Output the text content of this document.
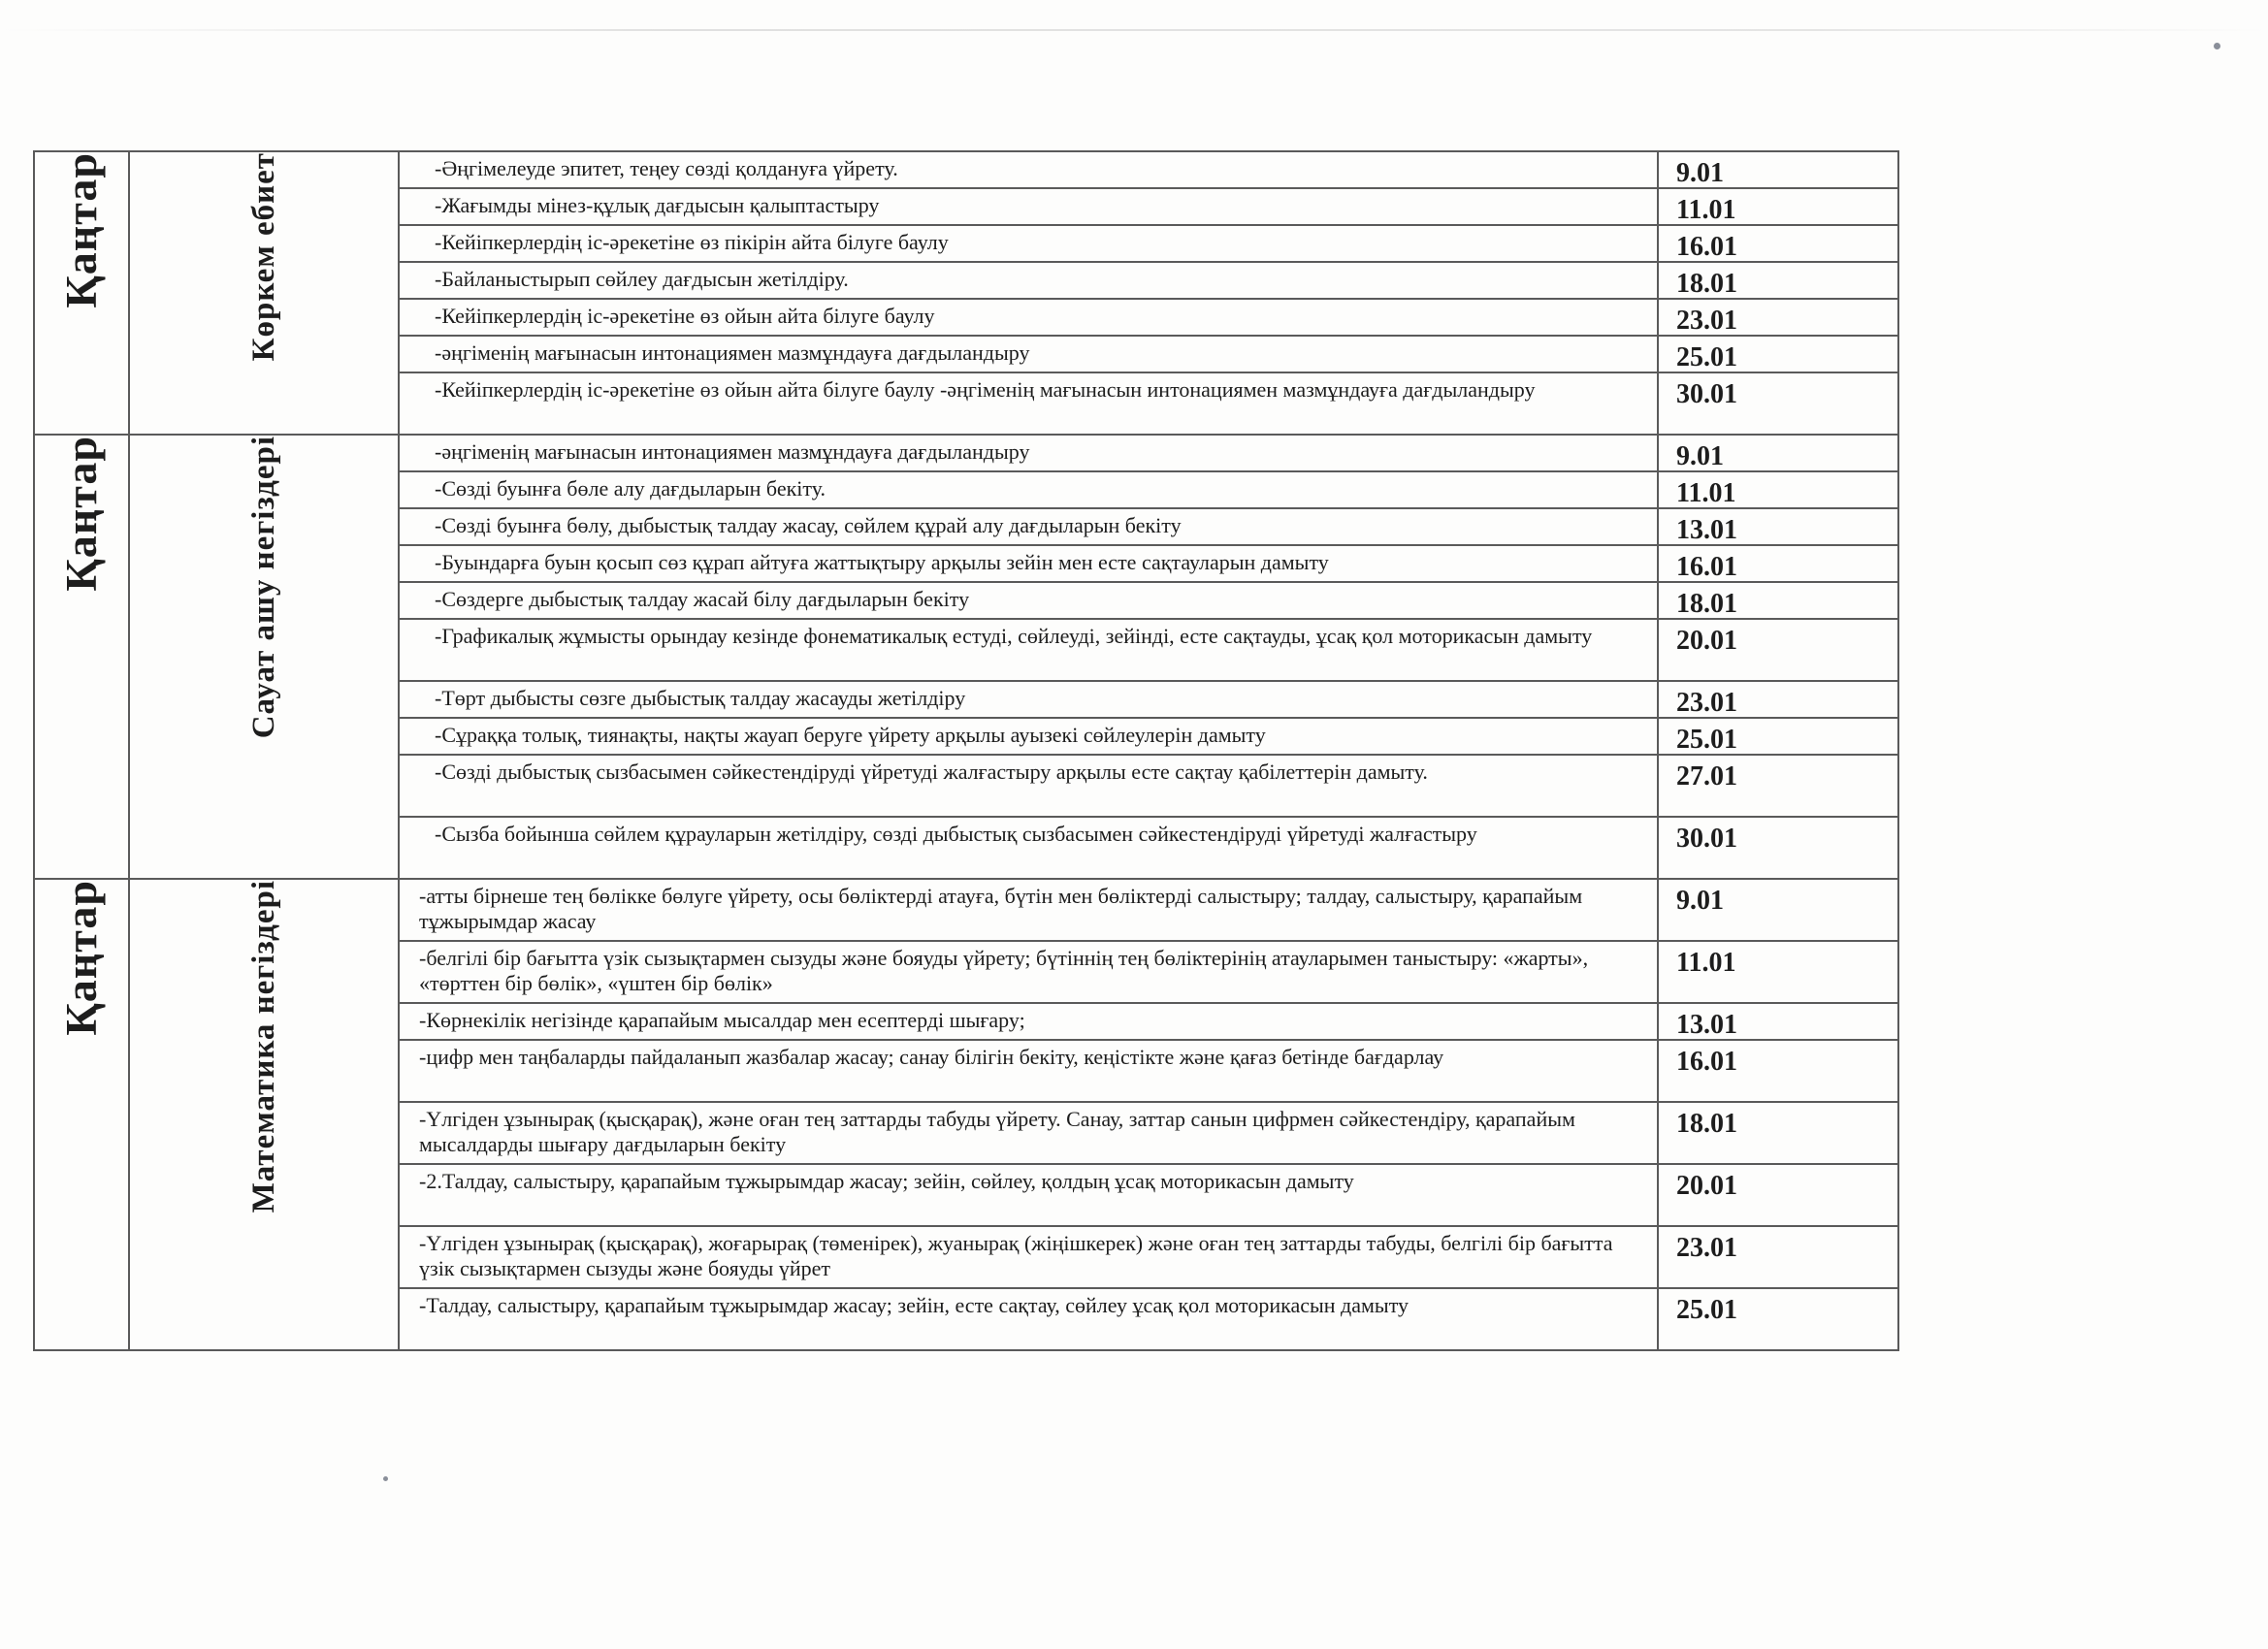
Қаңтар	Көркем ебиет	-Әңгімелеуде эпитет, теңеу сөзді қолдануға үйрету.	9.01

		-Жағымды мінез-құлық дағдысын қалыптастыру	11.01

		-Кейіпкерлердің іс-әрекетіне өз пікірін айта білуге баулу	16.01

		-Байланыстырып сөйлеу дағдысын жетілдіру.	18.01

		-Кейіпкерлердің іс-әрекетіне өз ойын айта білуге баулу	23.01

		-әңгіменің мағынасын интонациямен мазмұндауға дағдыландыру	25.01

		-Кейіпкерлердің іс-әрекетіне өз ойын айта білуге баулу -әңгіменің мағынасын интонациямен мазмұндауға дағдыландыру	30.01

Қаңтар	Сауат ашу негіздері	-әңгіменің мағынасын интонациямен мазмұндауға дағдыландыру	9.01

		-Сөзді буынға бөле алу дағдыларын бекіту.	11.01

		-Сөзді буынға бөлу, дыбыстық талдау жасау, сөйлем құрай алу дағдыларын бекіту	13.01

		-Буындарға буын қосып сөз құрап айтуға жаттықтыру арқылы зейін мен есте сақтауларын дамыту	16.01

		-Сөздерге дыбыстық талдау жасай білу дағдыларын бекіту	18.01

		-Графикалық жұмысты орындау кезінде фонематикалық естуді, сөйлеуді, зейінді, есте сақтауды, ұсақ қол моторикасын дамыту	20.01

		-Төрт дыбысты сөзге дыбыстық талдау жасауды жетілдіру	23.01

		-Сұраққа толық, тиянақты, нақты жауап беруге үйрету арқылы ауызекі сөйлеулерін дамыту	25.01

		-Сөзді дыбыстық сызбасымен сәйкестендіруді үйретуді жалғастыру арқылы есте сақтау қабілеттерін дамыту.	27.01

		-Сызба бойынша сөйлем құрауларын жетілдіру, сөзді дыбыстық сызбасымен сәйкестендіруді үйретуді жалғастыру	30.01

Қаңтар	Математика негіздері	-атты бірнеше тең бөлікке бөлуге үйрету, осы бөліктерді атауға, бүтін мен бөліктерді салыстыру; талдау, салыстыру, қарапайым тұжырымдар жасау	9.01

		-белгілі бір бағытта үзік сызықтармен сызуды және бояуды үйрету; бүтіннің тең бөліктерінің атауларымен таныстыру: «жарты», «төрттен бір бөлік», «үштен бір бөлік»	11.01

		-Көрнекілік негізінде қарапайым мысалдар мен есептерді шығару;	13.01

		-цифр мен таңбаларды пайдаланып жазбалар жасау; санау білігін бекіту, кеңістікте және қағаз бетінде бағдарлау	16.01

		-Үлгіден ұзынырақ (қысқарақ), және оған тең заттарды табуды үйрету. Санау, заттар санын цифрмен сәйкестендіру, қарапайым мысалдарды шығару дағдыларын бекіту	18.01

		-2.Талдау, салыстыру, қарапайым тұжырымдар жасау; зейін, сөйлеу, қолдың ұсақ моторикасын дамыту	20.01

		-Үлгіден ұзынырақ (қысқарақ), жоғарырақ (төменірек), жуанырақ (жіңішкерек) және оған тең заттарды табуды, белгілі бір бағытта үзік сызықтармен сызуды және бояуды үйрет	23.01

		-Талдау, салыстыру, қарапайым тұжырымдар жасау; зейін, есте сақтау, сөйлеу ұсақ қол моторикасын дамыту	25.01
